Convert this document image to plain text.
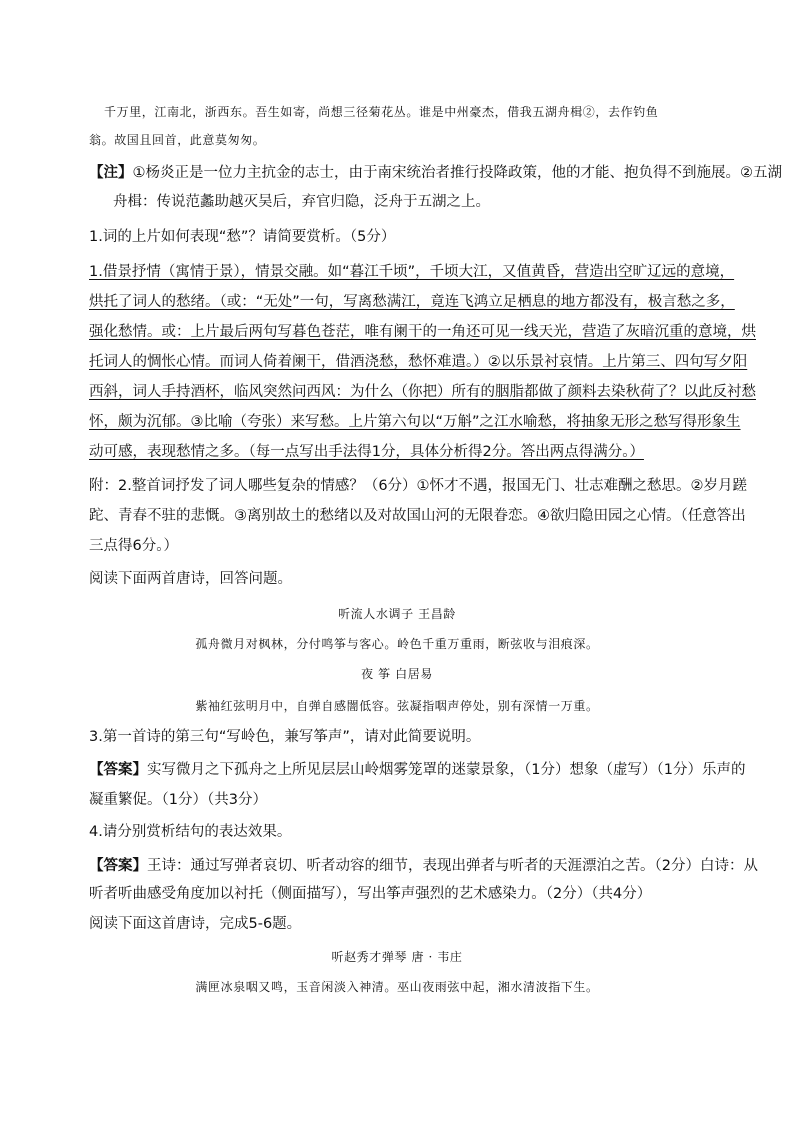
千万里，江南北，浙西东。吾生如寄，尚想三径菊花丛。谁是中州豪杰，借我五湖舟楫②，去作钓鱼
翁。故国且回首，此意莫匆匆。
【注】①杨炎正是一位力主抗金的志士，由于南宋统治者推行投降政策，他的才能、抱负得不到施展。②五湖
舟楫：传说范蠡助越灭吴后，弃官归隐，泛舟于五湖之上。
1.词的上片如何表现“愁”？请简要赏析。（5分）
1.借景抒情（寓情于景），情景交融。如“暮江千顷”，千顷大江，又值黄昏，营造出空旷辽远的意境，
烘托了词人的愁绪。（或：“无处”一句，写离愁满江，竟连飞鸿立足栖息的地方都没有，极言愁之多，
强化愁情。或：上片最后两句写暮色苍茫，唯有阑干的一角还可见一线天光，营造了灰暗沉重的意境，烘
托词人的惆怅心情。而词人倚着阑干，借酒浇愁，愁怀难遣。）②以乐景衬哀情。上片第三、四句写夕阳
西斜，词人手持酒杯，临风突然问西风：为什么（你把）所有的胭脂都做了颜料去染秋荷了？以此反衬愁
怀，颇为沉郁。③比喻（夸张）来写愁。上片第六句以“万斛”之江水喻愁，将抽象无形之愁写得形象生
动可感，表现愁情之多。（每一点写出手法得1分，具体分析得2分。答出两点得满分。）
附：2.整首词抒发了词人哪些复杂的情感？（6分）①怀才不遇，报国无门、壮志难酬之愁思。②岁月蹉
跎、青春不驻的悲慨。③离别故土的愁绪以及对故国山河的无限眷恋。④欲归隐田园之心情。（任意答出
三点得6分。）
阅读下面两首唐诗，回答问题。
听流人水调子 王昌龄
孤舟微月对枫林，分付鸣筝与客心。岭色千重万重雨，断弦收与泪痕深。
夜 筝 白居易
紫袖红弦明月中，自弹自感闇低容。弦凝指咽声停处，别有深情一万重。
3.第一首诗的第三句“写岭色，兼写筝声”，请对此简要说明。
【答案】实写微月之下孤舟之上所见层层山岭烟雾笼罩的迷蒙景象，（1分）想象（虚写）（1分）乐声的
凝重繁促。（1分）（共3分）
4.请分别赏析结句的表达效果。
【答案】王诗：通过写弹者哀切、听者动容的细节，表现出弹者与听者的天涯漂泊之苦。（2分）白诗：从
听者听曲感受角度加以衬托（侧面描写），写出筝声强烈的艺术感染力。（2分）（共4分）
阅读下面这首唐诗，完成5-6题。
听赵秀才弹琴 唐 · 韦庄
满匣冰泉咽又鸣，玉音闲淡入神清。巫山夜雨弦中起，湘水清波指下生。
